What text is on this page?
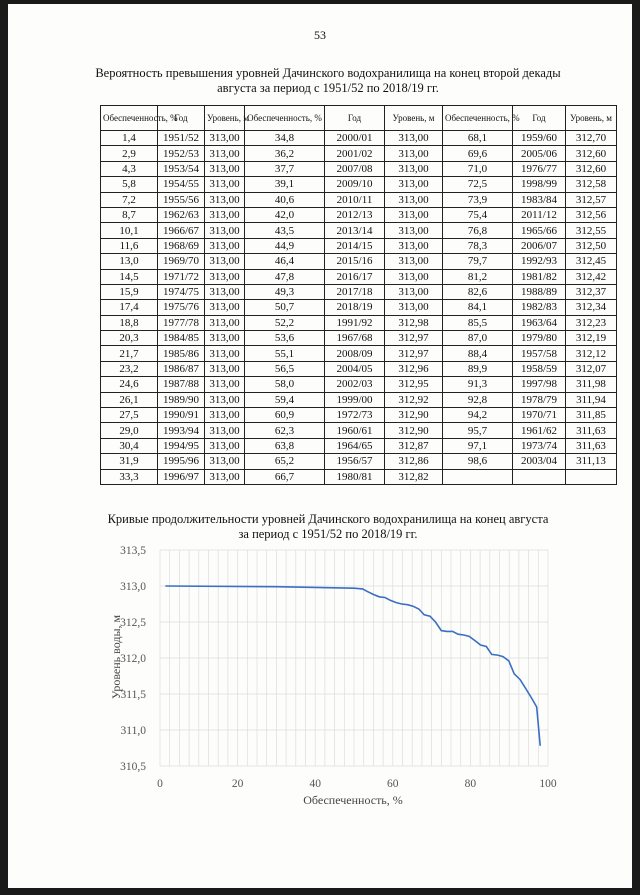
53
Вероятность превышения уровней Дачинского водохранилища на конец второй декады
августа за период с 1951/52 по 2018/19 гг.
Обеспеченность, %	Год	Уровень, м	Обеспеченность, %	Год	Уровень, м	Обеспеченность, %	Год	Уровень, м
1,4	1951/52	313,00	34,8	2000/01	313,00	68,1	1959/60	312,70
2,9	1952/53	313,00	36,2	2001/02	313,00	69,6	2005/06	312,60
4,3	1953/54	313,00	37,7	2007/08	313,00	71,0	1976/77	312,60
5,8	1954/55	313,00	39,1	2009/10	313,00	72,5	1998/99	312,58
7,2	1955/56	313,00	40,6	2010/11	313,00	73,9	1983/84	312,57
8,7	1962/63	313,00	42,0	2012/13	313,00	75,4	2011/12	312,56
10,1	1966/67	313,00	43,5	2013/14	313,00	76,8	1965/66	312,55
11,6	1968/69	313,00	44,9	2014/15	313,00	78,3	2006/07	312,50
13,0	1969/70	313,00	46,4	2015/16	313,00	79,7	1992/93	312,45
14,5	1971/72	313,00	47,8	2016/17	313,00	81,2	1981/82	312,42
15,9	1974/75	313,00	49,3	2017/18	313,00	82,6	1988/89	312,37
17,4	1975/76	313,00	50,7	2018/19	313,00	84,1	1982/83	312,34
18,8	1977/78	313,00	52,2	1991/92	312,98	85,5	1963/64	312,23
20,3	1984/85	313,00	53,6	1967/68	312,97	87,0	1979/80	312,19
21,7	1985/86	313,00	55,1	2008/09	312,97	88,4	1957/58	312,12
23,2	1986/87	313,00	56,5	2004/05	312,96	89,9	1958/59	312,07
24,6	1987/88	313,00	58,0	2002/03	312,95	91,3	1997/98	311,98
26,1	1989/90	313,00	59,4	1999/00	312,92	92,8	1978/79	311,94
27,5	1990/91	313,00	60,9	1972/73	312,90	94,2	1970/71	311,85
29,0	1993/94	313,00	62,3	1960/61	312,90	95,7	1961/62	311,63
30,4	1994/95	313,00	63,8	1964/65	312,87	97,1	1973/74	311,63
31,9	1995/96	313,00	65,2	1956/57	312,86	98,6	2003/04	311,13
33,3	1996/97	313,00	66,7	1980/81	312,82			
Кривые продолжительности уровней Дачинского водохранилища на конец августа
за период с 1951/52 по 2018/19 гг.
310,5
311,0
311,5
312,0
312,5
313,0
313,5
0	20	40	60	80	100
Уровень воды, м
Обеспеченность, %
